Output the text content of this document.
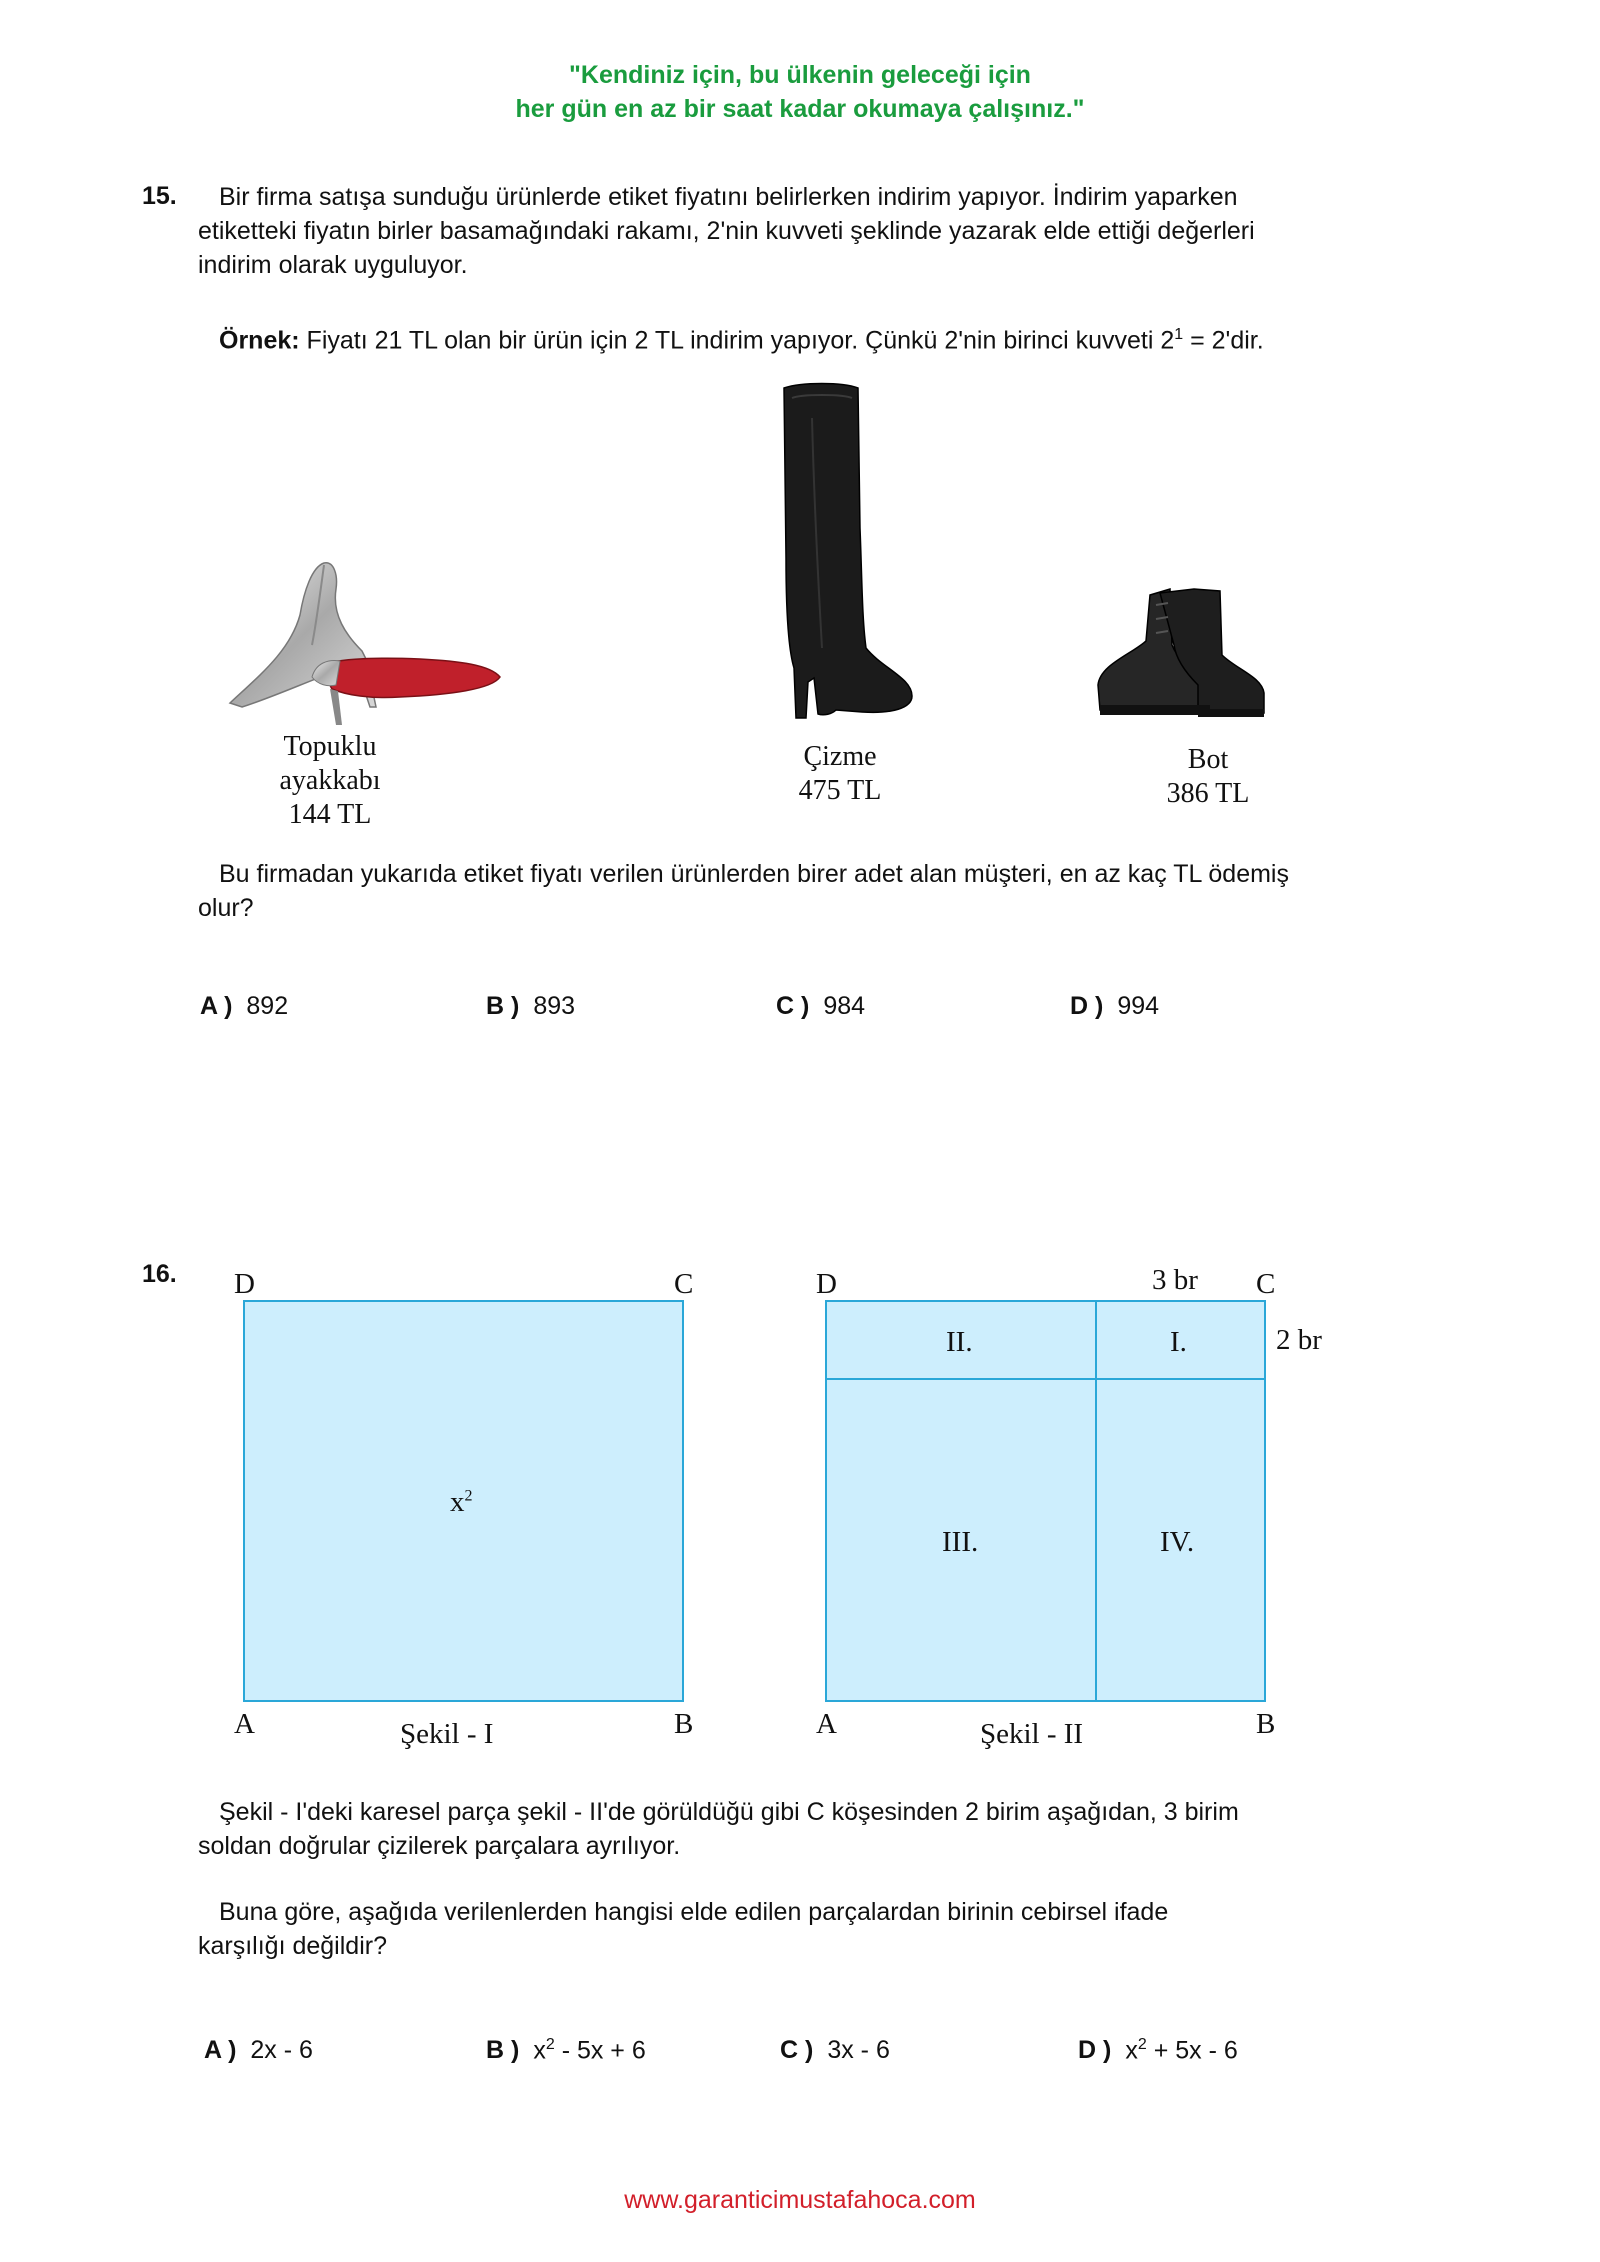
"Kendiniz için, bu ülkenin geleceği için
her gün en az bir saat kadar okumaya çalışınız."
15. Bir firma satışa sunduğu ürünlerde etiket fiyatını belirlerken indirim yapıyor. İndirim yaparken
etiketteki fiyatın birler basamağındaki rakamı, 2'nin kuvveti şeklinde yazarak elde ettiği değerleri
indirim olarak uyguluyor.
Örnek: Fiyatı 21 TL olan bir ürün için 2 TL indirim yapıyor. Çünkü 2'nin birinci kuvveti $2^1 = 2'dir$.
Topuklu
ayakkabı
144 TL
Çizme
475 TL
Bot
386 TL
Bu firmadan yukarıda etiket fiyatı verilen ürünlerden birer adet alan müşteri, en az kaç TL ödemiş
olur?
A ) 892	B ) 893	C ) 984	D ) 994
16. D	C
$x^2$
A	Şekil - I	B
D	3 br C
2 br
II.	I.
III.	IV.
A	Şekil - II	B
Şekil - I'deki karesel parça şekil - II'de görüldüğü gibi C köşesinden 2 birim aşağıdan, 3 birim
soldan doğrular çizilerek parçalara ayrılıyor.
Buna göre, aşağıda verilenlerden hangisi elde edilen parçalardan birinin cebirsel ifade
karşılığı değildir?
A ) 2x - 6	B ) $x^2 - 5x + 6$	C ) 3x - 6	D ) $x^2 + 5x - 6$
www.garanticimustafahoca.com
